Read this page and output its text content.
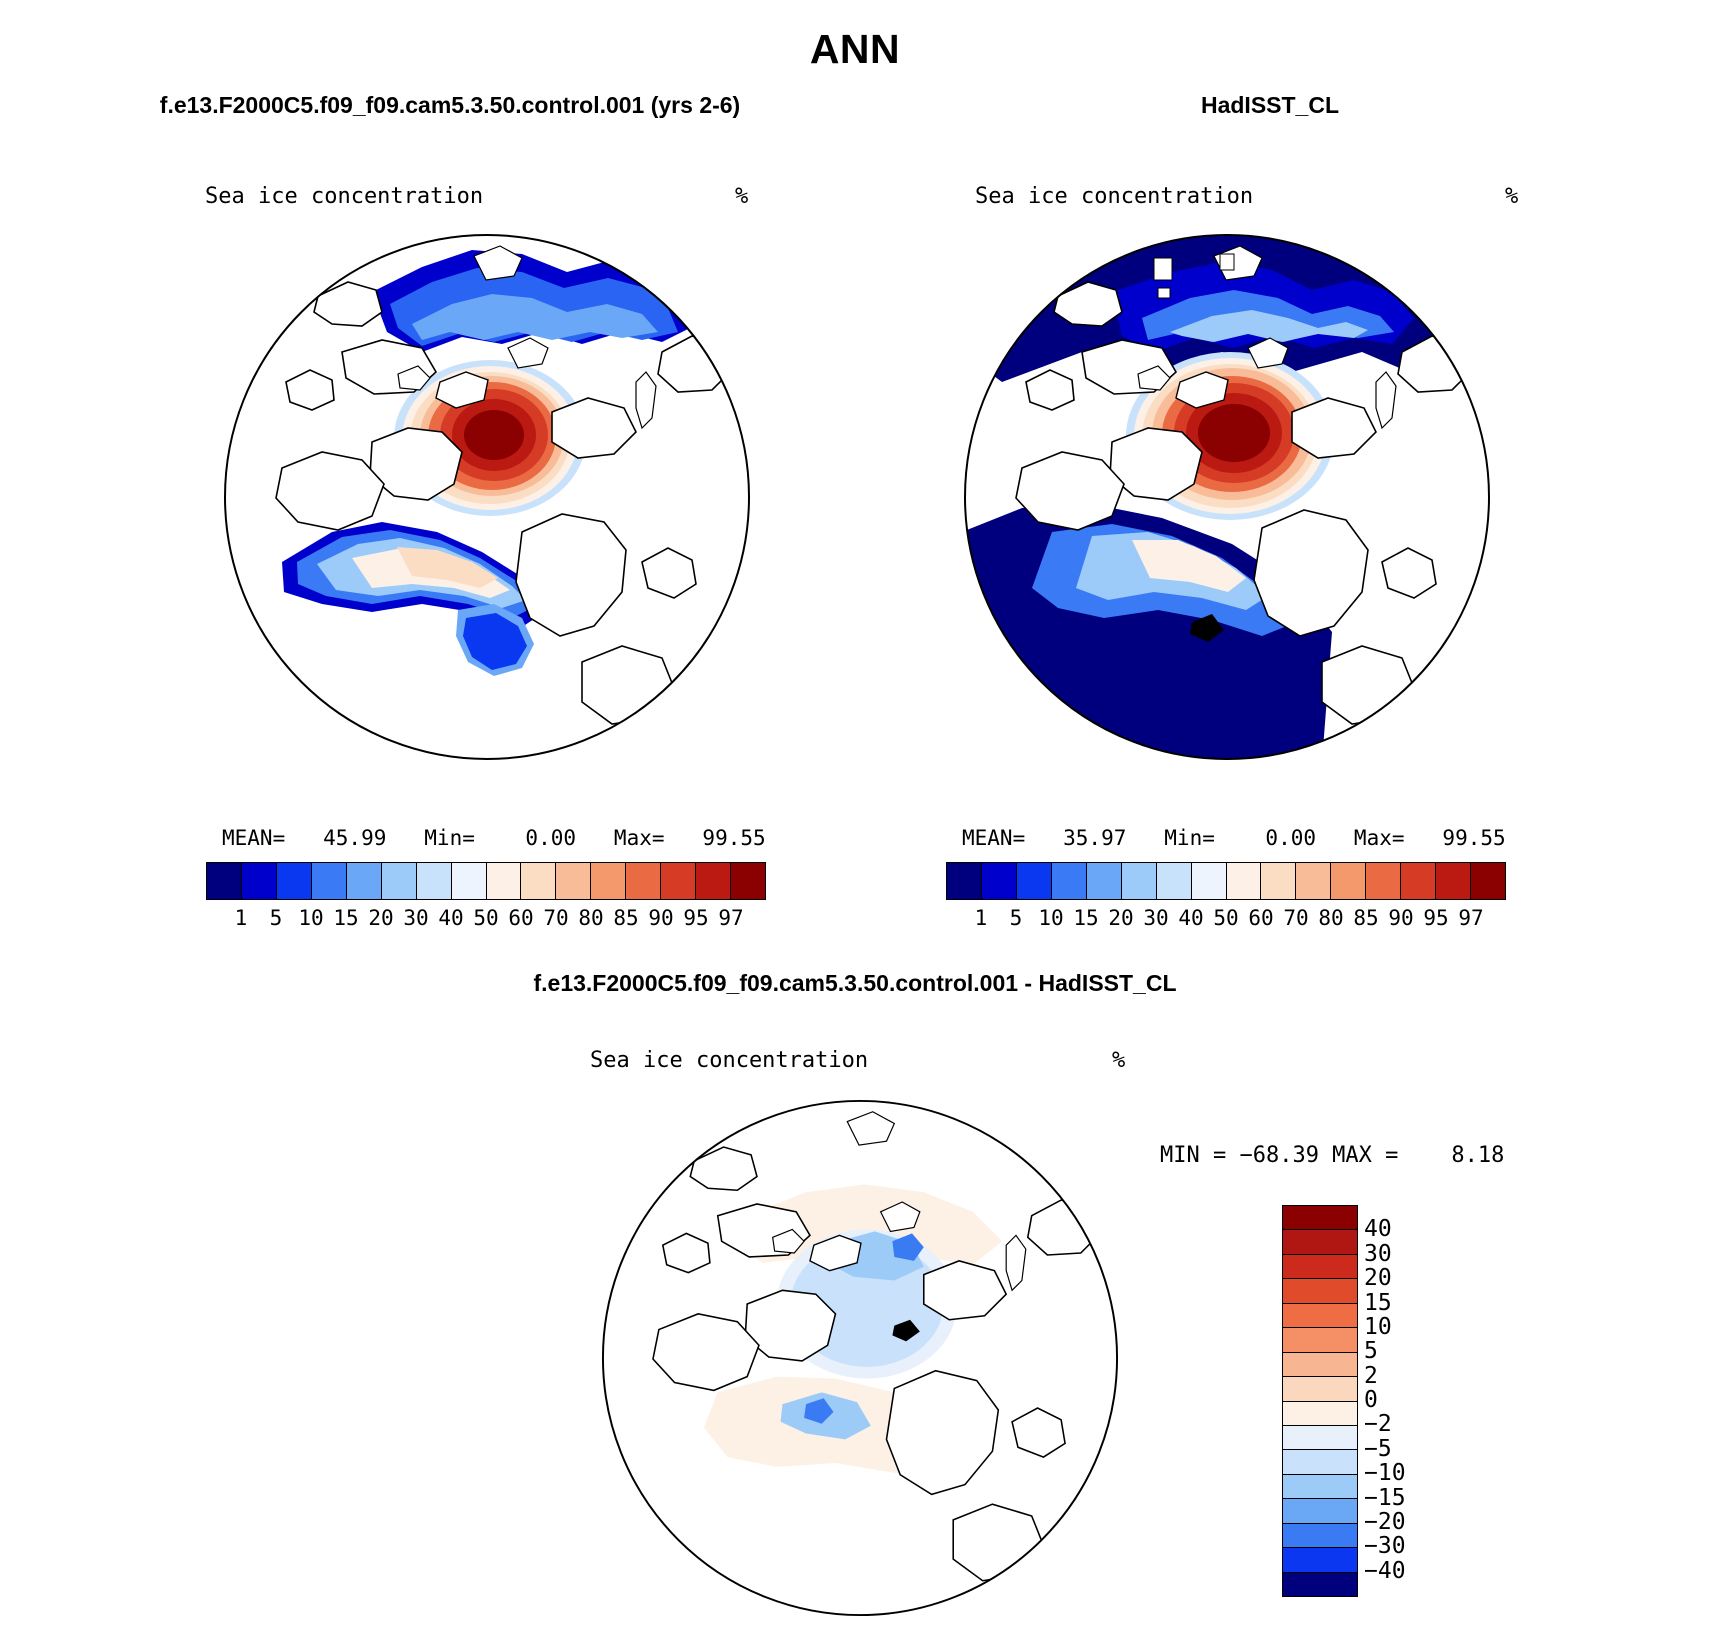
ANN
f.e13.F2000C5.f09_f09.cam5.3.50.control.001 (yrs 2-6)
Sea ice concentration	%
MEAN=   45.99   Min=    0.00   Max=   99.55
1 5 10 15 20 30 40 50 60 70 80 85 90 95 97
HadISST_CL
Sea ice concentration	%
MEAN=   35.97   Min=    0.00   Max=   99.55
1 5 10 15 20 30 40 50 60 70 80 85 90 95 97
f.e13.F2000C5.f09_f09.cam5.3.50.control.001 - HadISST_CL
Sea ice concentration	%
MIN = −68.39 MAX =    8.18
40
30
20
15
10
5
2
0
−2
−5
−10
−15
−20
−30
−40
